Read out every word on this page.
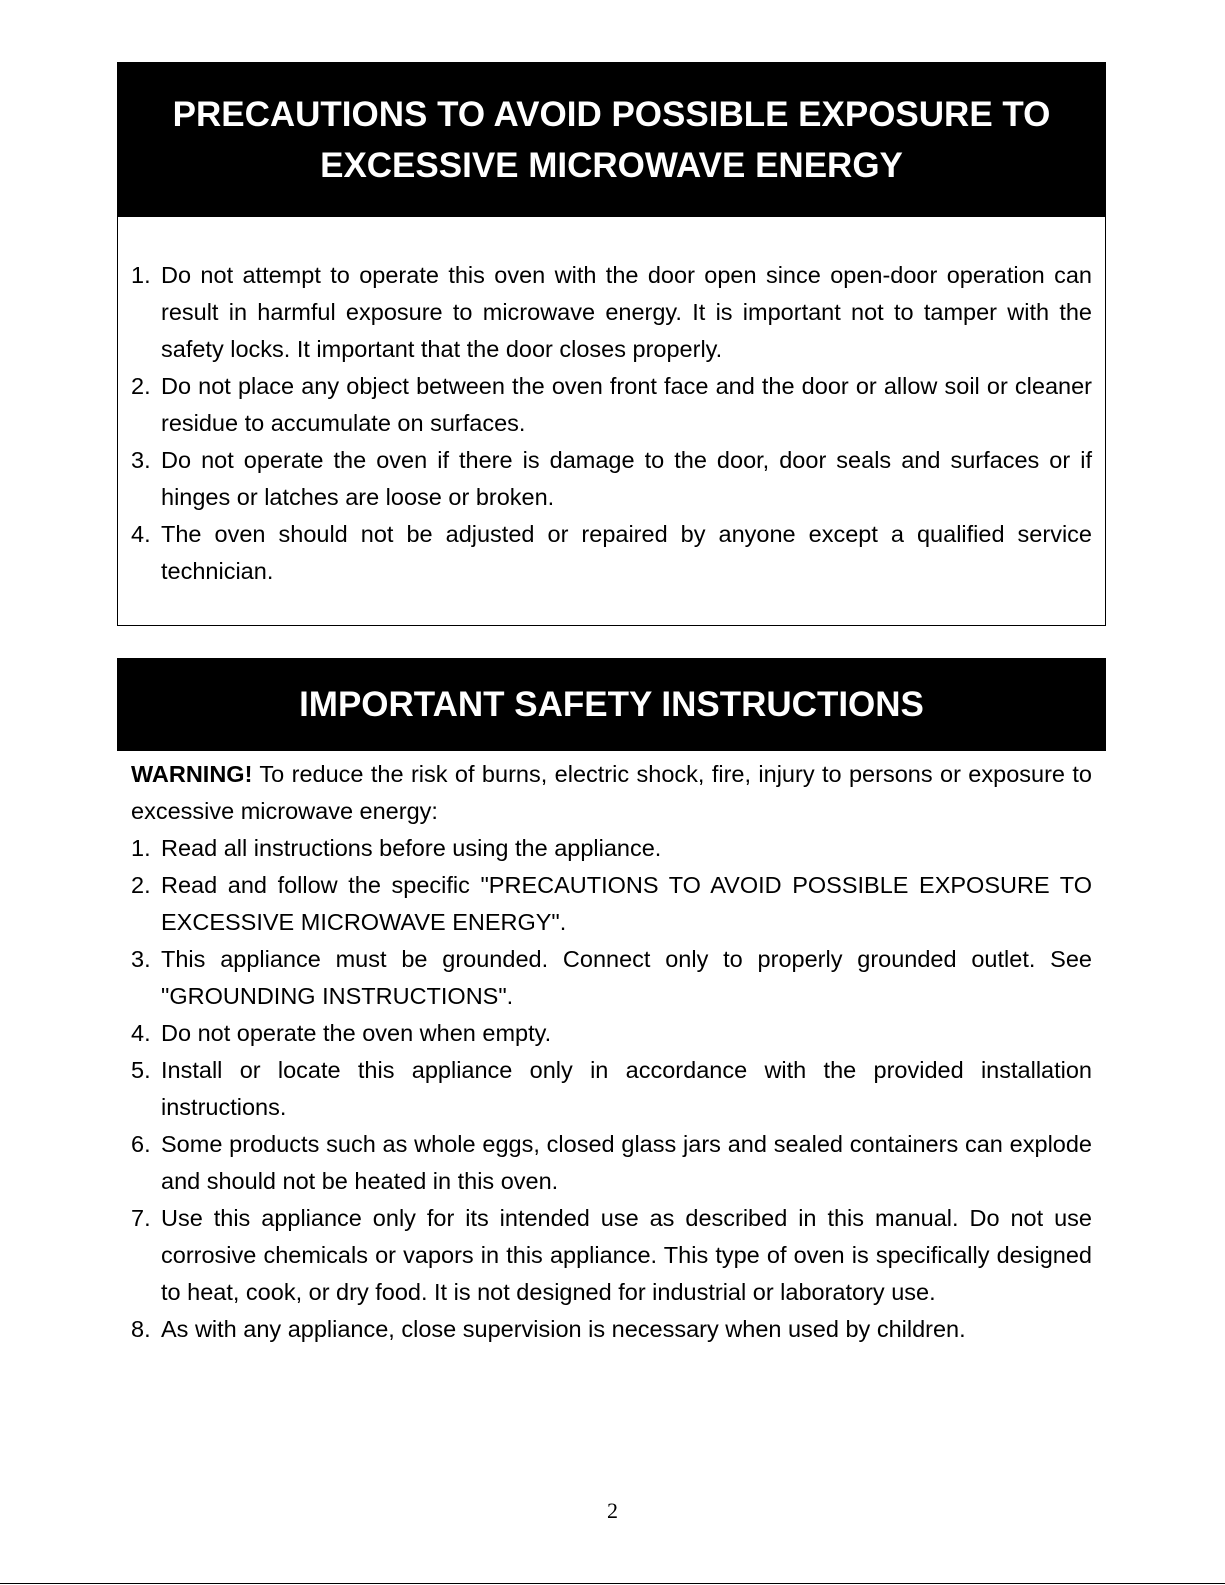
PRECAUTIONS TO AVOID POSSIBLE EXPOSURE TO
EXCESSIVE MICROWAVE ENERGY
1. Do not attempt to operate this oven with the door open since open-door operation can result in harmful exposure to microwave energy. It is important not to tamper with the safety locks. It important that the door closes properly.
2. Do not place any object between the oven front face and the door or allow soil or cleaner residue to accumulate on surfaces.
3. Do not operate the oven if there is damage to the door, door seals and surfaces or if hinges or latches are loose or broken.
4. The oven should not be adjusted or repaired by anyone except a qualified service technician.
IMPORTANT SAFETY INSTRUCTIONS
WARNING! To reduce the risk of burns, electric shock, fire, injury to persons or exposure to excessive microwave energy:
1. Read all instructions before using the appliance.
2. Read and follow the specific "PRECAUTIONS TO AVOID POSSIBLE EXPOSURE TO EXCESSIVE MICROWAVE ENERGY".
3. This appliance must be grounded. Connect only to properly grounded outlet. See "GROUNDING INSTRUCTIONS".
4. Do not operate the oven when empty.
5. Install or locate this appliance only in accordance with the provided installation instructions.
6. Some products such as whole eggs, closed glass jars and sealed containers can explode and should not be heated in this oven.
7. Use this appliance only for its intended use as described in this manual. Do not use corrosive chemicals or vapors in this appliance. This type of oven is specifically designed to heat, cook, or dry food. It is not designed for industrial or laboratory use.
8. As with any appliance, close supervision is necessary when used by children.
2
